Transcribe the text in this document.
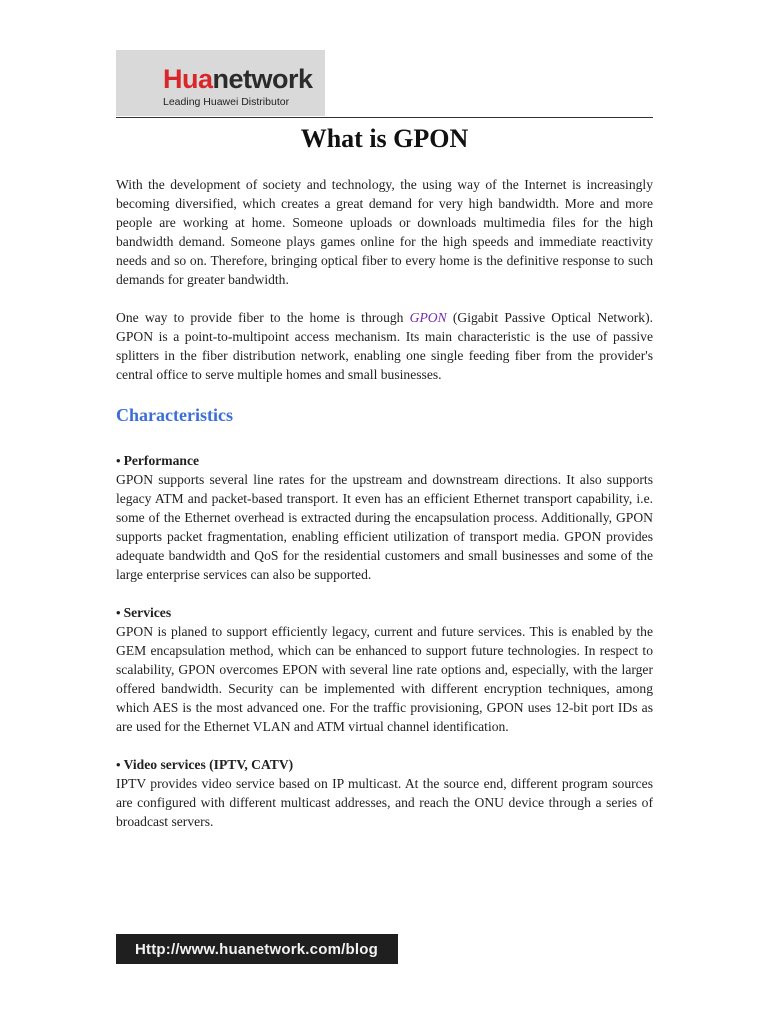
Huanetwork
Leading Huawei Distributor
What is GPON

With the development of society and technology, the using way of the Internet is increasingly becoming diversified, which creates a great demand for very high bandwidth. More and more people are working at home. Someone uploads or downloads multimedia files for the high bandwidth demand. Someone plays games online for the high speeds and immediate reactivity needs and so on. Therefore, bringing optical fiber to every home is the definitive response to such demands for greater bandwidth.

One way to provide fiber to the home is through GPON (Gigabit Passive Optical Network). GPON is a point-to-multipoint access mechanism. Its main characteristic is the use of passive splitters in the fiber distribution network, enabling one single feeding fiber from the provider's central office to serve multiple homes and small businesses.

Characteristics

• Performance

GPON supports several line rates for the upstream and downstream directions. It also supports legacy ATM and packet-based transport. It even has an efficient Ethernet transport capability, i.e. some of the Ethernet overhead is extracted during the encapsulation process. Additionally, GPON supports packet fragmentation, enabling efficient utilization of transport media. GPON provides adequate bandwidth and QoS for the residential customers and small businesses and some of the large enterprise services can also be supported.

• Services

GPON is planed to support efficiently legacy, current and future services. This is enabled by the GEM encapsulation method, which can be enhanced to support future technologies. In respect to scalability, GPON overcomes EPON with several line rate options and, especially, with the larger offered bandwidth. Security can be implemented with different encryption techniques, among which AES is the most advanced one. For the traffic provisioning, GPON uses 12-bit port IDs as are used for the Ethernet VLAN and ATM virtual channel identification.

• Video services (IPTV, CATV)

IPTV provides video service based on IP multicast. At the source end, different program sources are configured with different multicast addresses, and reach the ONU device through a series of broadcast servers.

Http://www.huanetwork.com/blog
